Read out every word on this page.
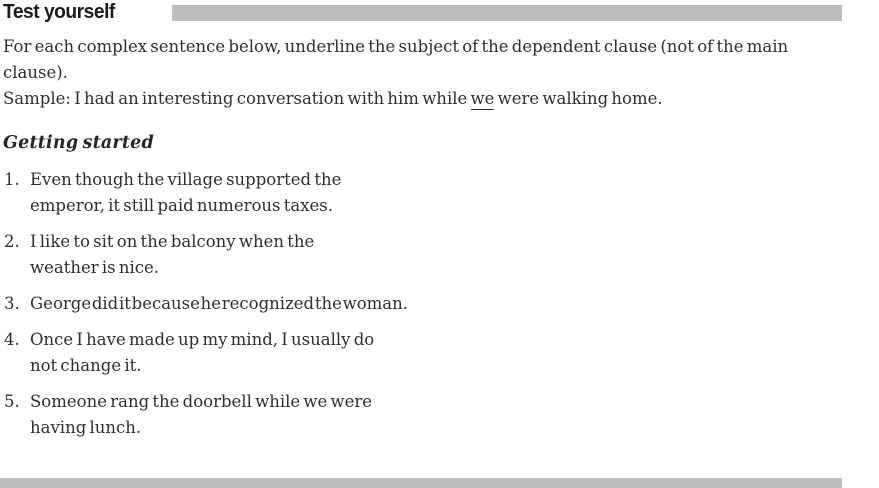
Test yourself
For each complex sentence below, underline the subject of the dependent clause (not of the main
clause).
Sample: I had an interesting conversation with him while we were walking home.
Getting started
1. Even though the village supported the
emperor, it still paid numerous taxes.
2. I like to sit on the balcony when the
weather is nice.
3. George did it because he recognized the woman.
4. Once I have made up my mind, I usually do
not change it.
5. Someone rang the doorbell while we were
having lunch.
